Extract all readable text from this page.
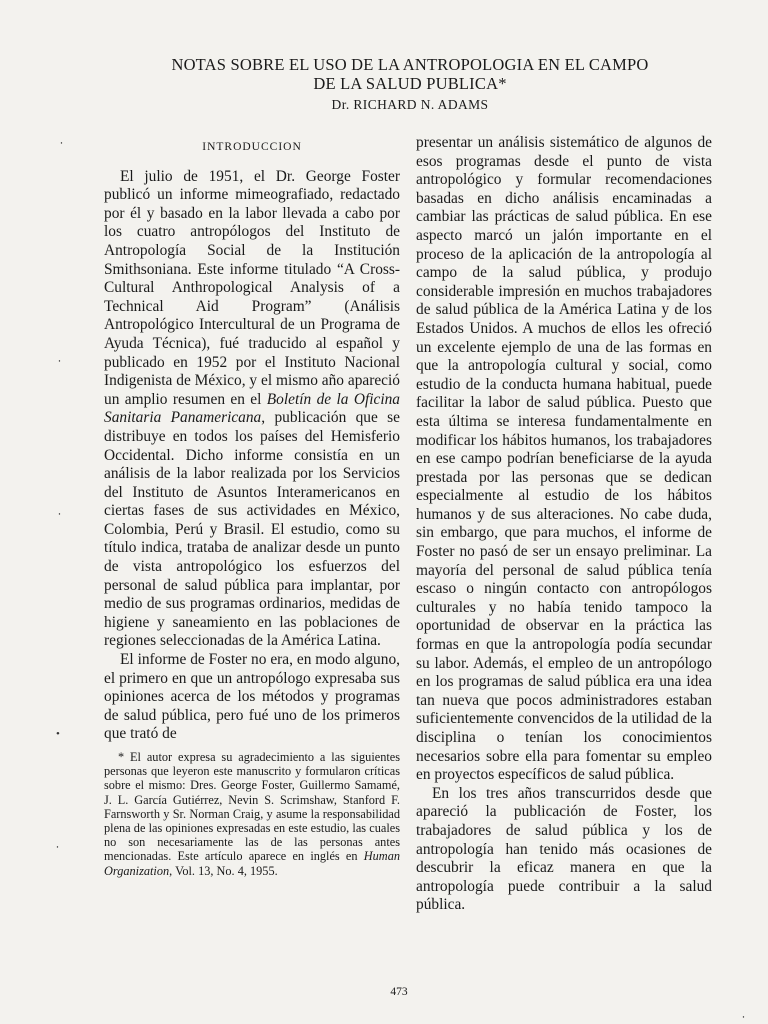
NOTAS SOBRE EL USO DE LA ANTROPOLOGIA EN EL CAMPO
DE LA SALUD PUBLICA*
Dr. RICHARD N. ADAMS
INTRODUCCION

El julio de 1951, el Dr. George Foster publicó un informe mimeografiado, redactado por él y basado en la labor llevada a cabo por los cuatro antropólogos del Instituto de Antropología Social de la Institución Smithsoniana. Este informe titulado “A Cross-Cultural Anthropological Analysis of a Technical Aid Program” (Análisis Antropológico Intercultural de un Programa de Ayuda Técnica), fué traducido al español y publicado en 1952 por el Instituto Nacional Indigenista de México, y el mismo año apareció un amplio resumen en el Boletín de la Oficina Sanitaria Panamericana, publicación que se distribuye en todos los países del Hemisferio Occidental. Dicho informe consistía en un análisis de la labor realizada por los Servicios del Instituto de Asuntos Interamericanos en ciertas fases de sus actividades en México, Colombia, Perú y Brasil. El estudio, como su título indica, trataba de analizar desde un punto de vista antropológico los esfuerzos del personal de salud pública para implantar, por medio de sus programas ordinarios, medidas de higiene y saneamiento en las poblaciones de regiones seleccionadas de la América Latina.

El informe de Foster no era, en modo alguno, el primero en que un antropólogo expresaba sus opiniones acerca de los métodos y programas de salud pública, pero fué uno de los primeros que trató de

* El autor expresa su agradecimiento a las siguientes personas que leyeron este manuscrito y formularon críticas sobre el mismo: Dres. George Foster, Guillermo Samamé, J. L. García Gutiérrez, Nevin S. Scrimshaw, Stanford F. Farnsworth y Sr. Norman Craig, y asume la responsabilidad plena de las opiniones expresadas en este estudio, las cuales no son necesariamente las de las personas antes mencionadas. Este artículo aparece en inglés en Human Organization, Vol. 13, No. 4, 1955.

presentar un análisis sistemático de algunos de esos programas desde el punto de vista antropológico y formular recomendaciones basadas en dicho análisis encaminadas a cambiar las prácticas de salud pública. En ese aspecto marcó un jalón importante en el proceso de la aplicación de la antropología al campo de la salud pública, y produjo considerable impresión en muchos trabajadores de salud pública de la América Latina y de los Estados Unidos. A muchos de ellos les ofreció un excelente ejemplo de una de las formas en que la antropología cultural y social, como estudio de la conducta humana habitual, puede facilitar la labor de salud pública. Puesto que esta última se interesa fundamentalmente en modificar los hábitos humanos, los trabajadores en ese campo podrían beneficiarse de la ayuda prestada por las personas que se dedican especialmente al estudio de los hábitos humanos y de sus alteraciones. No cabe duda, sin embargo, que para muchos, el informe de Foster no pasó de ser un ensayo preliminar. La mayoría del personal de salud pública tenía escaso o ningún contacto con antropólogos culturales y no había tenido tampoco la oportunidad de observar en la práctica las formas en que la antropología podía secundar su labor. Además, el empleo de un antropólogo en los programas de salud pública era una idea tan nueva que pocos administradores estaban suficientemente convencidos de la utilidad de la disciplina o tenían los conocimientos necesarios sobre ella para fomentar su empleo en proyectos específicos de salud pública.

En los tres años transcurridos desde que apareció la publicación de Foster, los trabajadores de salud pública y los de antropología han tenido más ocasiones de descubrir la eficaz manera en que la antropología puede contribuir a la salud pública.

473
⸳
⸳
⸳
•
⸳
⸳
